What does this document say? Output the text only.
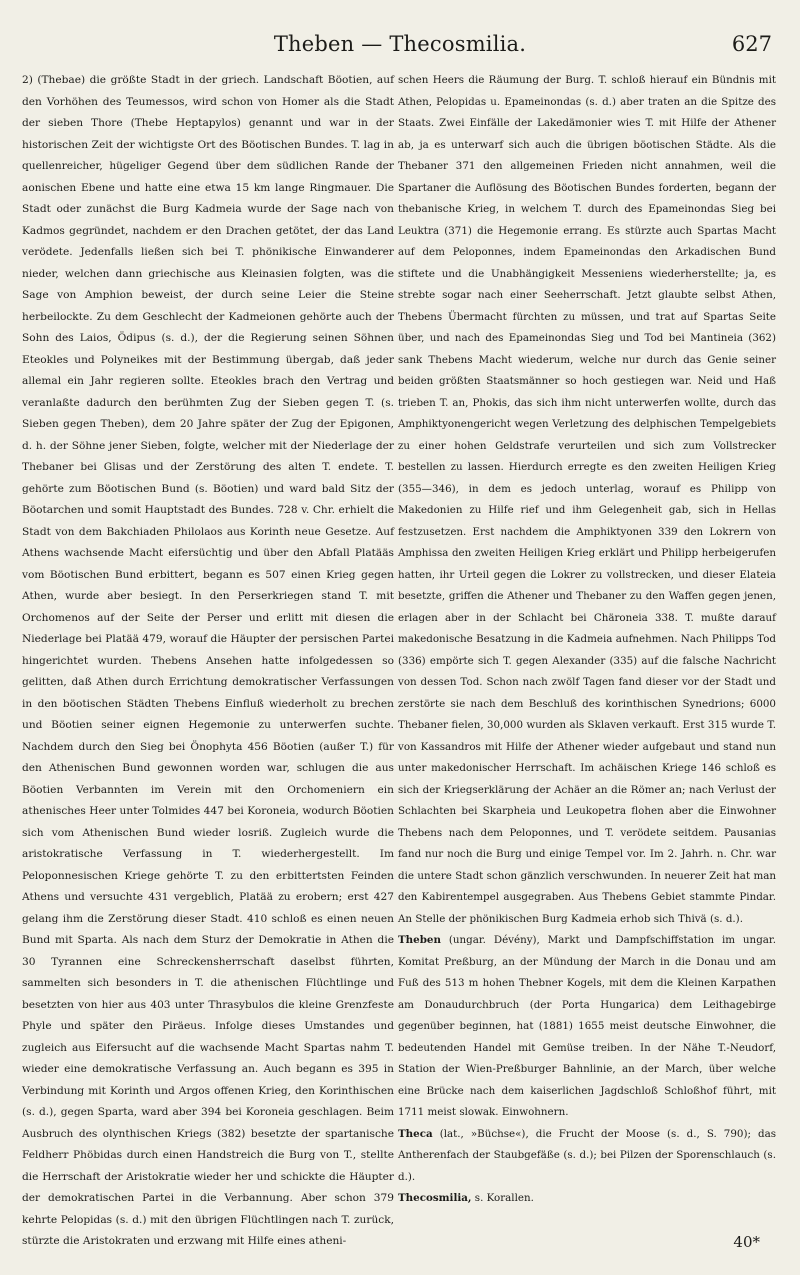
Theben — Thecosmilia.	627

2) (Thebae) die größte Stadt in der griech. Landschaft Böotien, auf den Vorhöhen des Teumessos, wird schon von Homer als die Stadt der sieben Thore (Thebe Heptapylos) genannt und war in der historischen Zeit der wichtigste Ort des Böotischen Bundes. T. lag in quellenreicher, hügeliger Gegend über dem südlichen Rande der aonischen Ebene und hatte eine etwa 15 km lange Ringmauer. Die Stadt oder zunächst die Burg Kadmeia wurde der Sage nach von Kadmos gegründet, nachdem er den Drachen getötet, der das Land verödete. Jedenfalls ließen sich bei T. phönikische Einwanderer nieder, welchen dann griechische aus Kleinasien folgten, was die Sage von Amphion beweist, der durch seine Leier die Steine herbeilockte. Zu dem Geschlecht der Kadmeionen gehörte auch der Sohn des Laios, Ödipus (s. d.), der die Regierung seinen Söhnen Eteokles und Polyneikes mit der Bestimmung übergab, daß jeder allemal ein Jahr regieren sollte. Eteokles brach den Vertrag und veranlaßte dadurch den berühmten Zug der Sieben gegen T. (s. Sieben gegen Theben), dem 20 Jahre später der Zug der Epigonen, d. h. der Söhne jener Sieben, folgte, welcher mit der Niederlage der Thebaner bei Glisas und der Zerstörung des alten T. endete. T. gehörte zum Böotischen Bund (s. Böotien) und ward bald Sitz der Böotarchen und somit Hauptstadt des Bundes. 728 v. Chr. erhielt die Stadt von dem Bakchiaden Philolaos aus Korinth neue Gesetze. Auf Athens wachsende Macht eifersüchtig und über den Abfall Platääs vom Böotischen Bund erbittert, begann es 507 einen Krieg gegen Athen, wurde aber besiegt. In den Perserkriegen stand T. mit Orchomenos auf der Seite der Perser und erlitt mit diesen die Niederlage bei Platää 479, worauf die Häupter der persischen Partei hingerichtet wurden. Thebens Ansehen hatte infolgedessen so gelitten, daß Athen durch Errichtung demokratischer Verfassungen in den böotischen Städten Thebens Einfluß wiederholt zu brechen und Böotien seiner eignen Hegemonie zu unterwerfen suchte. Nachdem durch den Sieg bei Önophyta 456 Böotien (außer T.) für den Athenischen Bund gewonnen worden war, schlugen die aus Böotien Verbannten im Verein mit den Orchomeniern ein athenisches Heer unter Tolmides 447 bei Koroneia, wodurch Böotien sich vom Athenischen Bund wieder losriß. Zugleich wurde die aristokratische Verfassung in T. wiederhergestellt. Im Peloponnesischen Kriege gehörte T. zu den erbittertsten Feinden Athens und versuchte 431 vergeblich, Platää zu erobern; erst 427 gelang ihm die Zerstörung dieser Stadt. 410 schloß es einen neuen Bund mit Sparta. Als nach dem Sturz der Demokratie in Athen die 30 Tyrannen eine Schreckensherrschaft daselbst führten, sammelten sich besonders in T. die athenischen Flüchtlinge und besetzten von hier aus 403 unter Thrasybulos die kleine Grenzfeste Phyle und später den Piräeus. Infolge dieses Umstandes und zugleich aus Eifersucht auf die wachsende Macht Spartas nahm T. wieder eine demokratische Verfassung an. Auch begann es 395 in Verbindung mit Korinth und Argos offenen Krieg, den Korinthischen (s. d.), gegen Sparta, ward aber 394 bei Koroneia geschlagen. Beim Ausbruch des olynthischen Kriegs (382) besetzte der spartanische Feldherr Phöbidas durch einen Handstreich die Burg von T., stellte die Herrschaft der Aristokratie wieder her und schickte die Häupter der demokratischen Partei in die Verbannung. Aber schon 379 kehrte Pelopidas (s. d.) mit den übrigen Flüchtlingen nach T. zurück, stürzte die Aristokraten und erzwang mit Hilfe eines atheni-

schen Heers die Räumung der Burg. T. schloß hierauf ein Bündnis mit Athen, Pelopidas u. Epameinondas (s. d.) aber traten an die Spitze des Staats. Zwei Einfälle der Lakedämonier wies T. mit Hilfe der Athener ab, ja es unterwarf sich auch die übrigen böotischen Städte. Als die Thebaner 371 den allgemeinen Frieden nicht annahmen, weil die Spartaner die Auflösung des Böotischen Bundes forderten, begann der thebanische Krieg, in welchem T. durch des Epameinondas Sieg bei Leuktra (371) die Hegemonie errang. Es stürzte auch Spartas Macht auf dem Peloponnes, indem Epameinondas den Arkadischen Bund stiftete und die Unabhängigkeit Messeniens wiederherstellte; ja, es strebte sogar nach einer Seeherrschaft. Jetzt glaubte selbst Athen, Thebens Übermacht fürchten zu müssen, und trat auf Spartas Seite über, und nach des Epameinondas Sieg und Tod bei Mantineia (362) sank Thebens Macht wiederum, welche nur durch das Genie seiner beiden größten Staatsmänner so hoch gestiegen war. Neid und Haß trieben T. an, Phokis, das sich ihm nicht unterwerfen wollte, durch das Amphiktyonengericht wegen Verletzung des delphischen Tempelgebiets zu einer hohen Geldstrafe verurteilen und sich zum Vollstrecker bestellen zu lassen. Hierdurch erregte es den zweiten Heiligen Krieg (355—346), in dem es jedoch unterlag, worauf es Philipp von Makedonien zu Hilfe rief und ihm Gelegenheit gab, sich in Hellas festzusetzen. Erst nachdem die Amphiktyonen 339 den Lokrern von Amphissa den zweiten Heiligen Krieg erklärt und Philipp herbeigerufen hatten, ihr Urteil gegen die Lokrer zu vollstrecken, und dieser Elateia besetzte, griffen die Athener und Thebaner zu den Waffen gegen jenen, erlagen aber in der Schlacht bei Chäroneia 338. T. mußte darauf makedonische Besatzung in die Kadmeia aufnehmen. Nach Philipps Tod (336) empörte sich T. gegen Alexander (335) auf die falsche Nachricht von dessen Tod. Schon nach zwölf Tagen fand dieser vor der Stadt und zerstörte sie nach dem Beschluß des korinthischen Synedrions; 6000 Thebaner fielen, 30,000 wurden als Sklaven verkauft. Erst 315 wurde T. von Kassandros mit Hilfe der Athener wieder aufgebaut und stand nun unter makedonischer Herrschaft. Im achäischen Kriege 146 schloß es sich der Kriegserklärung der Achäer an die Römer an; nach Verlust der Schlachten bei Skarpheia und Leukopetra flohen aber die Einwohner Thebens nach dem Peloponnes, und T. verödete seitdem. Pausanias fand nur noch die Burg und einige Tempel vor. Im 2. Jahrh. n. Chr. war die untere Stadt schon gänzlich verschwunden. In neuerer Zeit hat man den Kabirentempel ausgegraben. Aus Thebens Gebiet stammte Pindar. An Stelle der phönikischen Burg Kadmeia erhob sich Thivä (s. d.).

Theben (ungar. Dévény), Markt und Dampfschiffstation im ungar. Komitat Preßburg, an der Mündung der March in die Donau und am Fuß des 513 m hohen Thebner Kogels, mit dem die Kleinen Karpathen am Donaudurchbruch (der Porta Hungarica) dem Leithagebirge gegenüber beginnen, hat (1881) 1655 meist deutsche Einwohner, die bedeutenden Handel mit Gemüse treiben. In der Nähe T.-Neudorf, Station der Wien-Preßburger Bahnlinie, an der March, über welche eine Brücke nach dem kaiserlichen Jagdschloß Schloßhof führt, mit 1711 meist slowak. Einwohnern.

Theca (lat., »Büchse«), die Frucht der Moose (s. d., S. 790); das Antherenfach der Staubgefäße (s. d.); bei Pilzen der Sporenschlauch (s. d.).

Thecosmilia, s. Korallen.

40*
